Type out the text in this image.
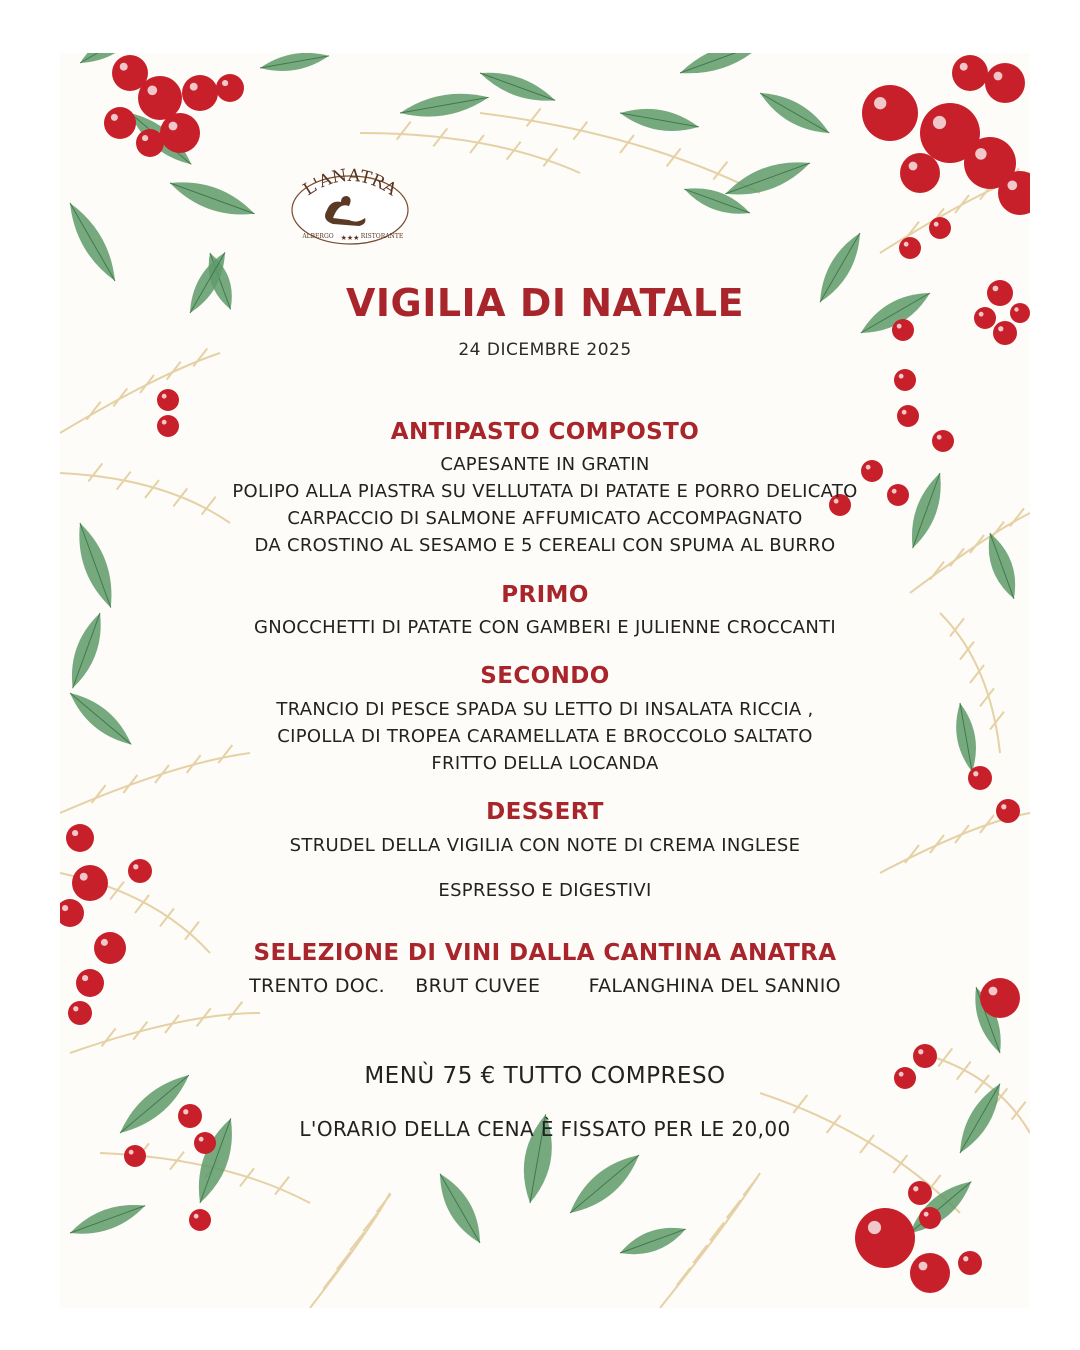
L'ANATRA
ALBERGO ★★★ RISTORANTE
VIGILIA DI NATALE
24 DICEMBRE 2025
ANTIPASTO COMPOSTO
CAPESANTE IN GRATIN
POLIPO ALLA PIASTRA SU VELLUTATA DI PATATE E PORRO DELICATO
CARPACCIO DI SALMONE AFFUMICATO ACCOMPAGNATO
DA CROSTINO AL SESAMO E 5 CEREALI CON SPUMA AL BURRO
PRIMO
GNOCCHETTI DI PATATE CON GAMBERI E JULIENNE CROCCANTI
SECONDO
TRANCIO DI PESCE SPADA SU LETTO DI INSALATA RICCIA ,
CIPOLLA DI TROPEA CARAMELLATA E BROCCOLO SALTATO
FRITTO DELLA LOCANDA
DESSERT
STRUDEL DELLA VIGILIA CON NOTE DI CREMA INGLESE
ESPRESSO E DIGESTIVI
SELEZIONE DI VINI DALLA CANTINA ANATRA
TRENTO DOC. BRUT CUVEE	FALANGHINA DEL SANNIO
MENÙ 75 € TUTTO COMPRESO
L'ORARIO DELLA CENA È FISSATO PER LE 20,00
